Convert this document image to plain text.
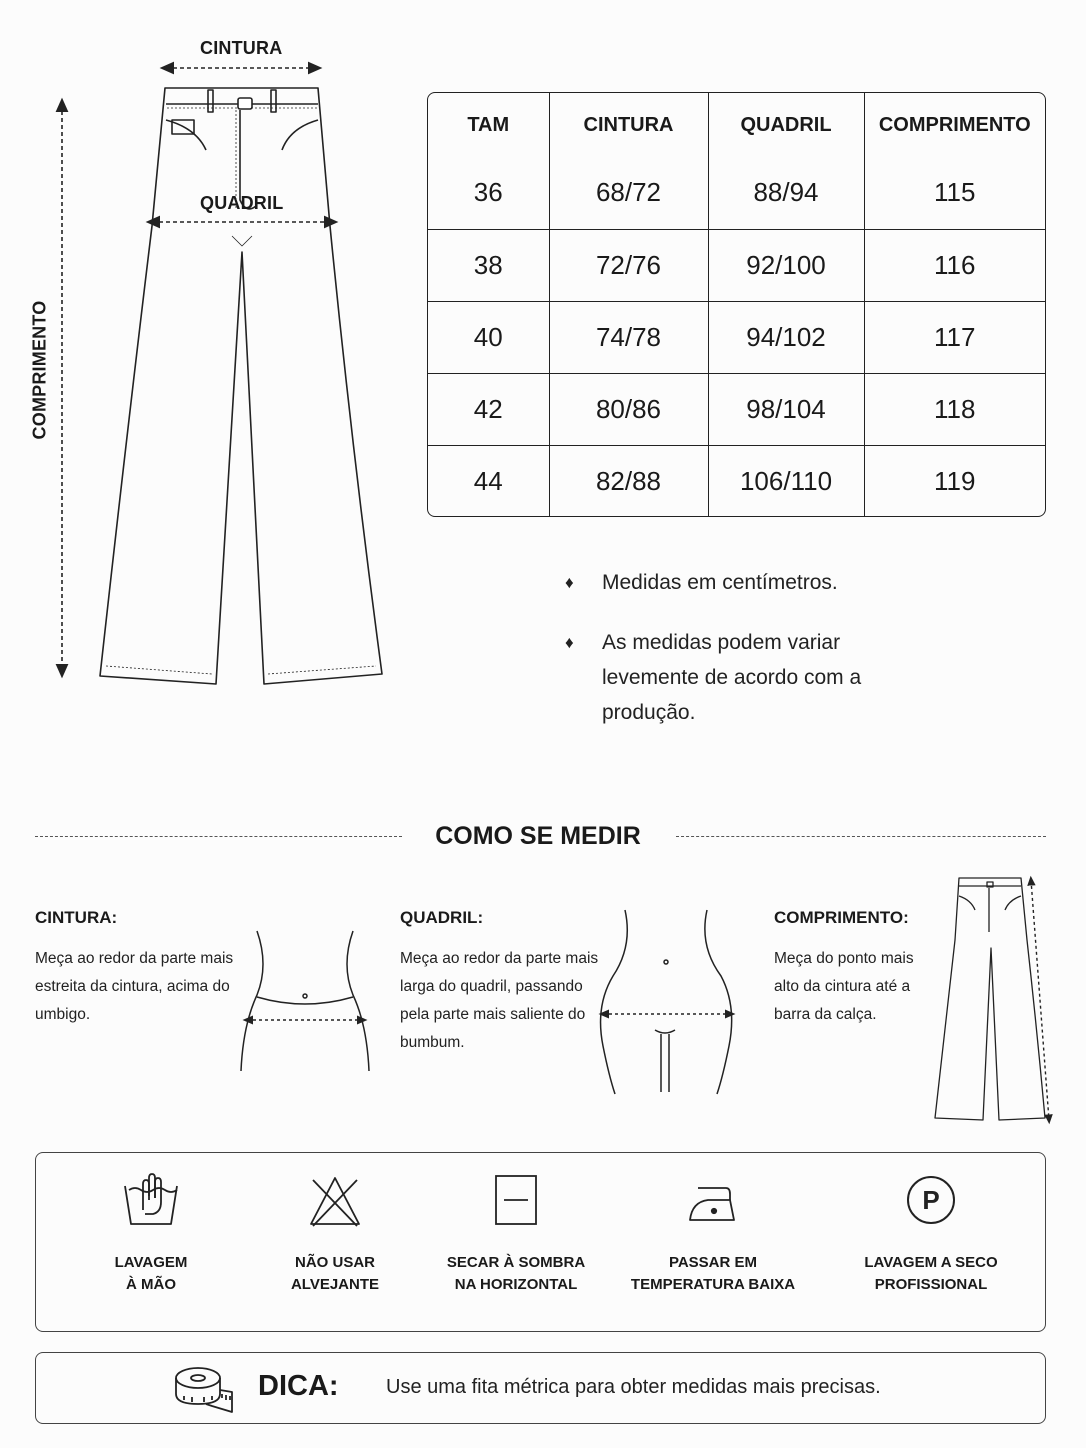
CINTURA
QUADRIL
COMPRIMENTO
TAM	CINTURA	QUADRIL	COMPRIMENTO
36	68/72	88/94	115
38	72/76	92/100	116
40	74/78	94/102	117
42	80/86	98/104	118
44	82/88	106/110	119
♦ Medidas em centímetros.
♦ As medidas podem variar levemente de acordo com a produção.
COMO SE MEDIR
CINTURA:
Meça ao redor da parte mais estreita da cintura, acima do umbigo.
QUADRIL:
Meça ao redor da parte mais larga do quadril, passando pela parte mais saliente do bumbum.
COMPRIMENTO:
Meça do ponto mais alto da cintura até a barra da calça.
LAVAGEM
À MÃO
NÃO USAR
ALVEJANTE
SECAR À SOMBRA
NA HORIZONTAL
PASSAR EM
TEMPERATURA BAIXA
P
LAVAGEM A SECO
PROFISSIONAL
DICA: Use uma fita métrica para obter medidas mais precisas.
